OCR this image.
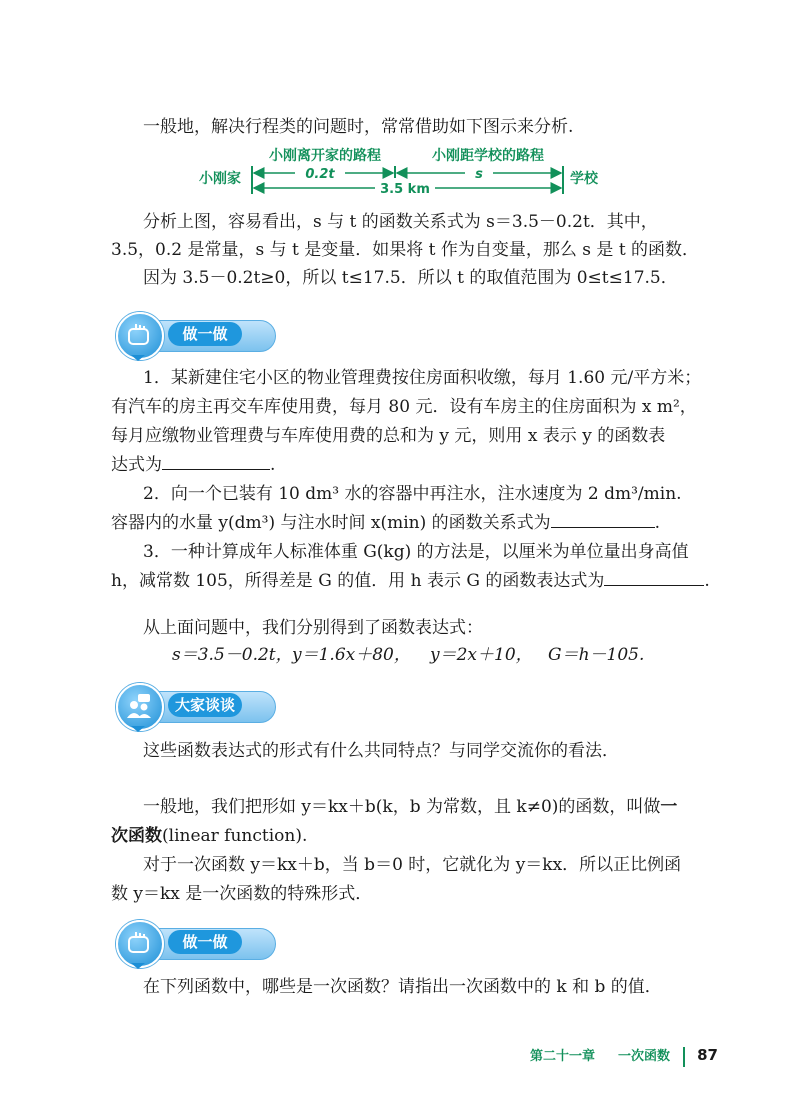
一般地，解决行程类的问题时，常常借助如下图示来分析.
小刚离开家的路程	小刚距学校的路程
小刚家	学校
0.2t	s
3.5 km
分析上图，容易看出，s 与 t 的函数关系式为 s＝3.5－0.2t．其中，
3.5，0.2 是常量，s 与 t 是变量．如果将 t 作为自变量，那么 s 是 t 的函数．
因为 3.5－0.2t≥0，所以 t≤17.5．所以 t 的取值范围为 0≤t≤17.5．
做一做
1．某新建住宅小区的物业管理费按住房面积收缴，每月 1.60 元/平方米；
有汽车的房主再交车库使用费，每月 80 元．设有车房主的住房面积为 x m²，
每月应缴物业管理费与车库使用费的总和为 y 元，则用 x 表示 y 的函数表
达式为	.
2．向一个已装有 10 dm³ 水的容器中再注水，注水速度为 2 dm³/min.
容器内的水量 y(dm³) 与注水时间 x(min) 的函数关系式为	.
3．一种计算成年人标准体重 G(kg) 的方法是，以厘米为单位量出身高值
h，减常数 105，所得差是 G 的值．用 h 表示 G 的函数表达式为	.
从上面问题中，我们分别得到了函数表达式：
s＝3.5－0.2t， y＝1.6x＋80， y＝2x＋10， G＝h－105.
大家谈谈
这些函数表达式的形式有什么共同特点？与同学交流你的看法．
一般地，我们把形如 y＝kx＋b(k，b 为常数，且 k≠0)的函数，叫做一
次函数(linear function).
对于一次函数 y＝kx＋b，当 b＝0 时，它就化为 y＝kx．所以正比例函
数 y＝kx 是一次函数的特殊形式．
做一做
在下列函数中，哪些是一次函数？请指出一次函数中的 k 和 b 的值．
第二十一章 一次函数 87
